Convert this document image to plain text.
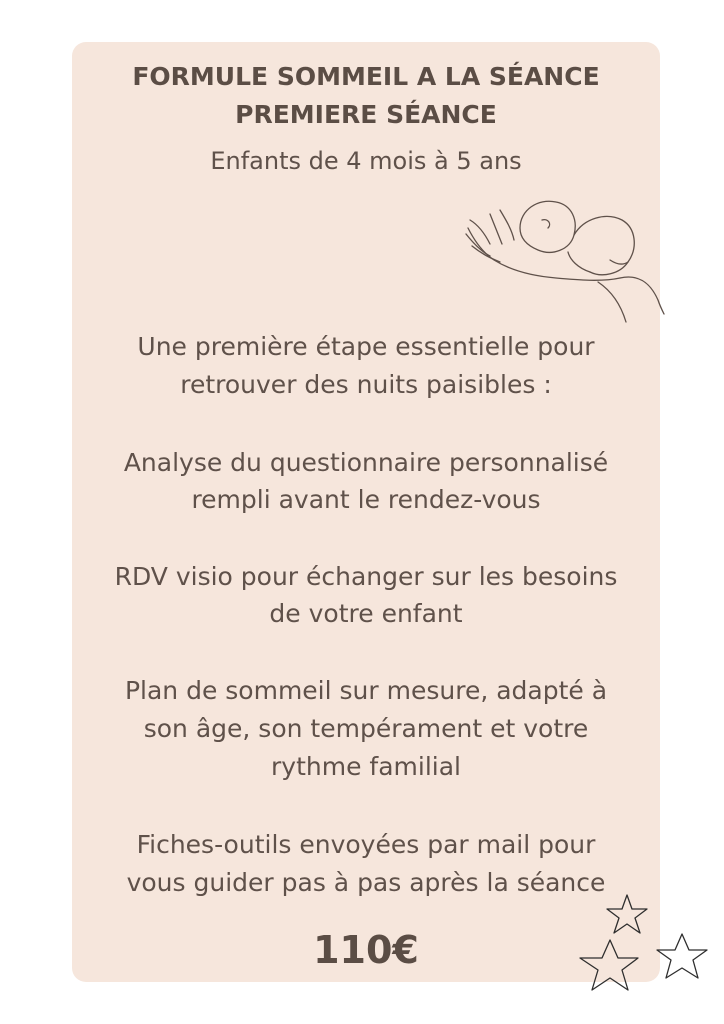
FORMULE SOMMEIL A LA SÉANCE
PREMIERE SÉANCE
Enfants de 4 mois à 5 ans
Une première étape essentielle pour
retrouver des nuits paisibles :
Analyse du questionnaire personnalisé
rempli avant le rendez-vous
RDV visio pour échanger sur les besoins
de votre enfant
Plan de sommeil sur mesure, adapté à
son âge, son tempérament et votre
rythme familial
Fiches-outils envoyées par mail pour
vous guider pas à pas après la séance
110€
